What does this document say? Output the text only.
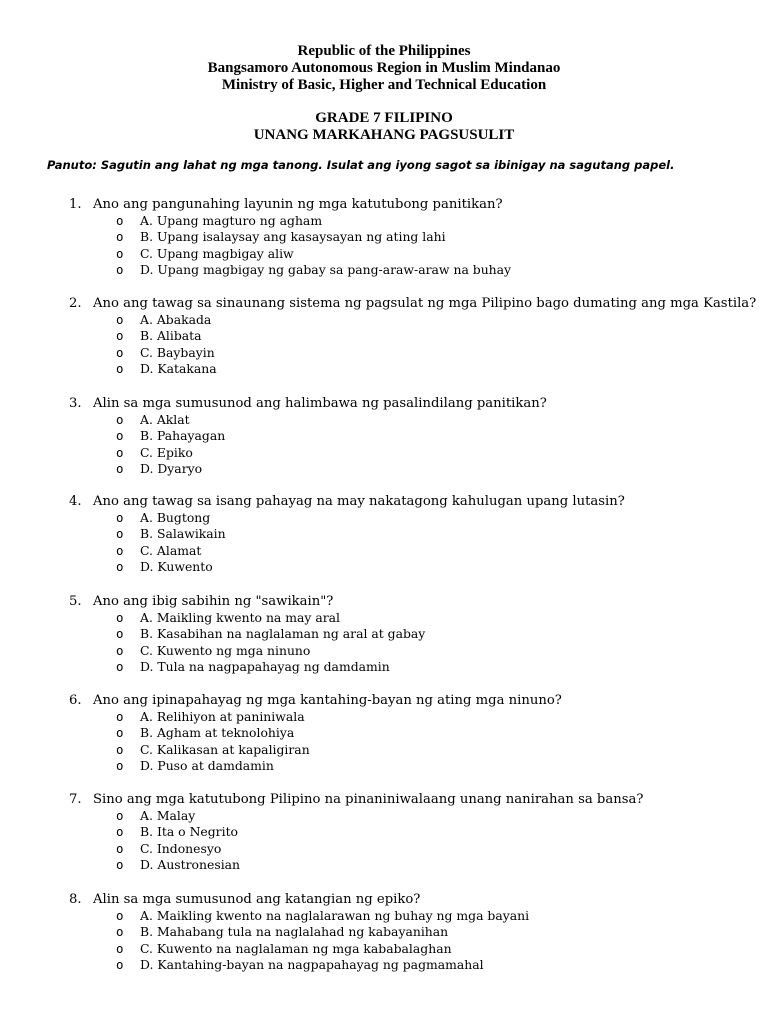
Republic of the Philippines
Bangsamoro Autonomous Region in Muslim Mindanao
Ministry of Basic, Higher and Technical Education
GRADE 7 FILIPINO
UNANG MARKAHANG PAGSUSULIT
Panuto: Sagutin ang lahat ng mga tanong. Isulat ang iyong sagot sa ibinigay na sagutang papel.
1. Ano ang pangunahing layunin ng mga katutubong panitikan?
o A. Upang magturo ng agham
o B. Upang isalaysay ang kasaysayan ng ating lahi
o C. Upang magbigay aliw
o D. Upang magbigay ng gabay sa pang-araw-araw na buhay
2. Ano ang tawag sa sinaunang sistema ng pagsulat ng mga Pilipino bago dumating ang mga Kastila?
o A. Abakada
o B. Alibata
o C. Baybayin
o D. Katakana
3. Alin sa mga sumusunod ang halimbawa ng pasalindilang panitikan?
o A. Aklat
o B. Pahayagan
o C. Epiko
o D. Dyaryo
4. Ano ang tawag sa isang pahayag na may nakatagong kahulugan upang lutasin?
o A. Bugtong
o B. Salawikain
o C. Alamat
o D. Kuwento
5. Ano ang ibig sabihin ng "sawikain"?
o A. Maikling kwento na may aral
o B. Kasabihan na naglalaman ng aral at gabay
o C. Kuwento ng mga ninuno
o D. Tula na nagpapahayag ng damdamin
6. Ano ang ipinapahayag ng mga kantahing-bayan ng ating mga ninuno?
o A. Relihiyon at paniniwala
o B. Agham at teknolohiya
o C. Kalikasan at kapaligiran
o D. Puso at damdamin
7. Sino ang mga katutubong Pilipino na pinaniniwalaang unang nanirahan sa bansa?
o A. Malay
o B. Ita o Negrito
o C. Indonesyo
o D. Austronesian
8. Alin sa mga sumusunod ang katangian ng epiko?
o A. Maikling kwento na naglalarawan ng buhay ng mga bayani
o B. Mahabang tula na naglalahad ng kabayanihan
o C. Kuwento na naglalaman ng mga kababalaghan
o D. Kantahing-bayan na nagpapahayag ng pagmamahal
